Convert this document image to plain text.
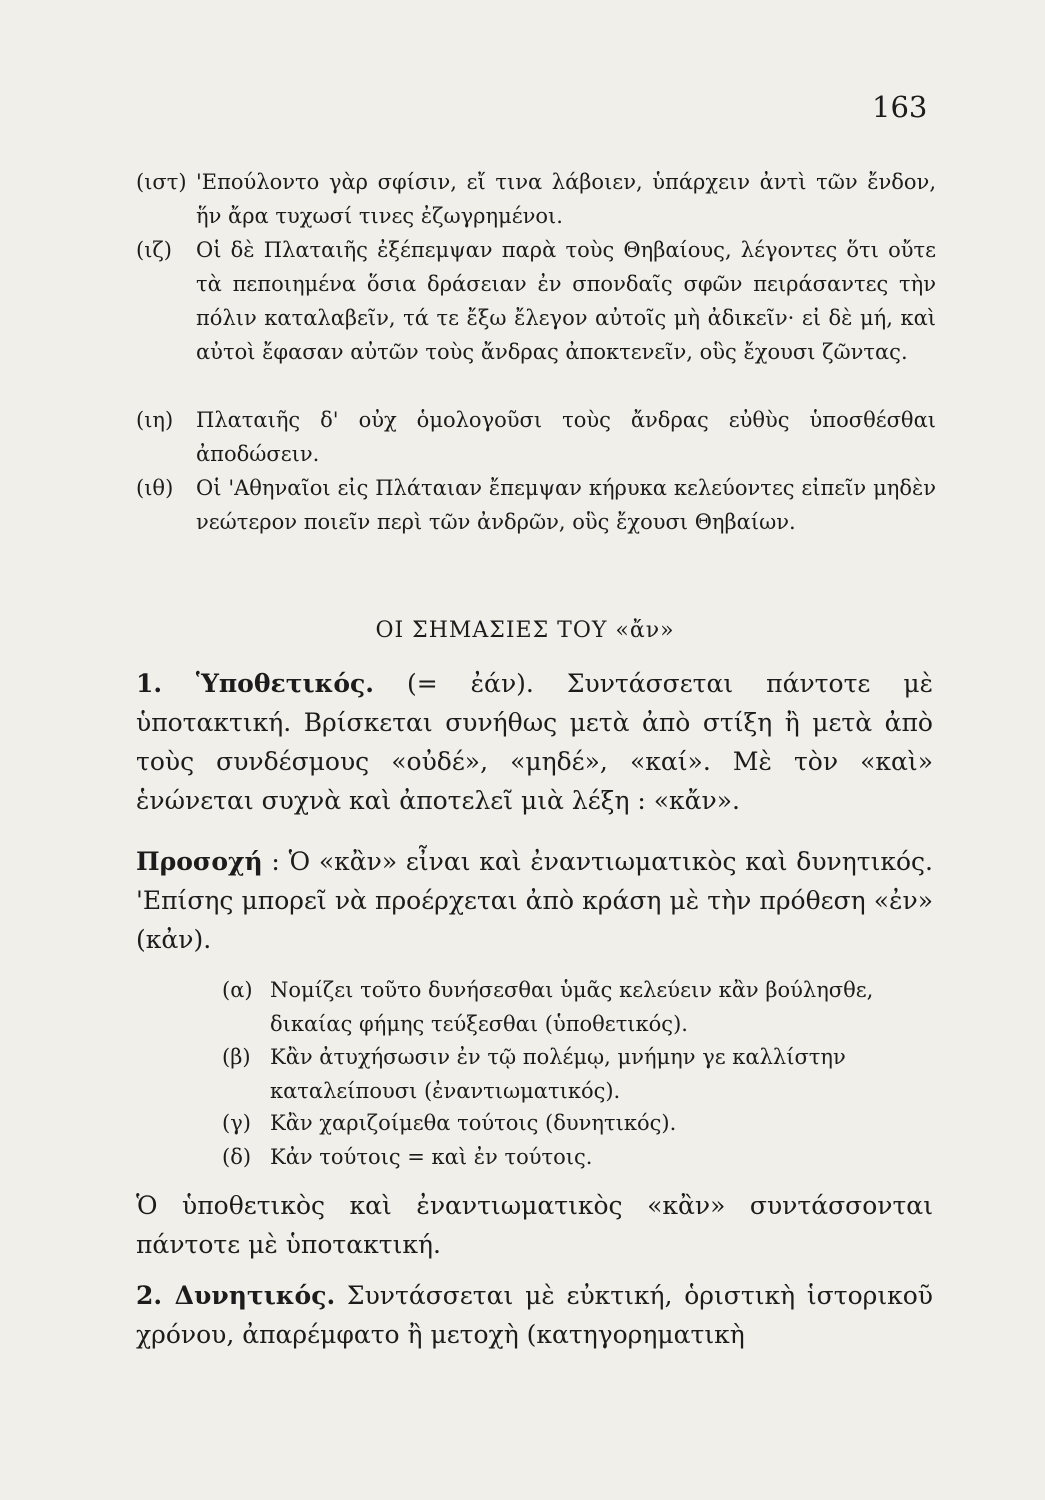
163
(ιστ) 'Επούλοντο γὰρ σφίσιν, εἴ τινα λάβοιεν, ὑπάρχειν ἀντὶ τῶν ἔνδον, ἥν ἄρα τυχωσί τινες ἐζωγρημένοι.
(ιζ) Οἱ δὲ Πλαταιῆς ἐξέπεμψαν παρὰ τοὺς Θηβαίους, λέγοντες ὅτι οὔτε τὰ πεποιημένα ὅσια δράσειαν ἐν σπονδαῖς σφῶν πειράσαντες τὴν πόλιν καταλαβεῖν, τά τε ἔξω ἔλεγον αὐτοῖς μὴ ἀδικεῖν· εἰ δὲ μή, καὶ αὐτοὶ ἔφασαν αὐτῶν τοὺς ἄνδρας ἀποκτενεῖν, οὓς ἔχουσι ζῶντας.
(ιη) Πλαταιῆς δ' οὐχ ὁμολογοῦσι τοὺς ἄνδρας εὐθὺς ὑποσθέσθαι ἀποδώσειν.
(ιθ) Οἱ 'Αθηναῖοι εἰς Πλάταιαν ἔπεμψαν κήρυκα κελεύοντες εἰπεῖν μηδὲν νεώτερον ποιεῖν περὶ τῶν ἀνδρῶν, οὓς ἔχουσι Θηβαίων.
ΟΙ ΣΗΜΑΣΙΕΣ ΤΟΥ «ἄν»
1. Ὑποθετικός. (= ἐάν). Συντάσσεται πάντοτε μὲ ὑποτακτική. Βρίσκεται συνήθως μετὰ ἀπὸ στίξη ἢ μετὰ ἀπὸ τοὺς συνδέσμους «οὐδέ», «μηδέ», «καί». Μὲ τὸν «καὶ» ἑνώνεται συχνὰ καὶ ἀποτελεῖ μιὰ λέξη : «κἄν».
Προσοχή : Ὁ «κἂν» εἶναι καὶ ἐναντιωματικὸς καὶ δυνητικός. 'Επίσης μπορεῖ νὰ προέρχεται ἀπὸ κράση μὲ τὴν πρόθεση «ἐν» (κἀν).
(α) Νομίζει τοῦτο δυνήσεσθαι ὑμᾶς κελεύειν κἂν βούλησθε, δικαίας φήμης τεύξεσθαι (ὑποθετικός).
(β) Κἂν ἀτυχήσωσιν ἐν τῷ πολέμῳ, μνήμην γε καλλίστην καταλείπουσι (ἐναντιωματικός).
(γ) Κἂν χαριζοίμεθα τούτοις (δυνητικός).
(δ) Κἀν τούτοις = καὶ ἐν τούτοις.
Ὁ ὑποθετικὸς καὶ ἐναντιωματικὸς «κἂν» συντάσσονται πάντοτε μὲ ὑποτακτική.
2. Δυνητικός. Συντάσσεται μὲ εὐκτική, ὁριστικὴ ἱστορικοῦ χρόνου, ἀπαρέμφατο ἢ μετοχὴ (κατηγορηματικὴ
